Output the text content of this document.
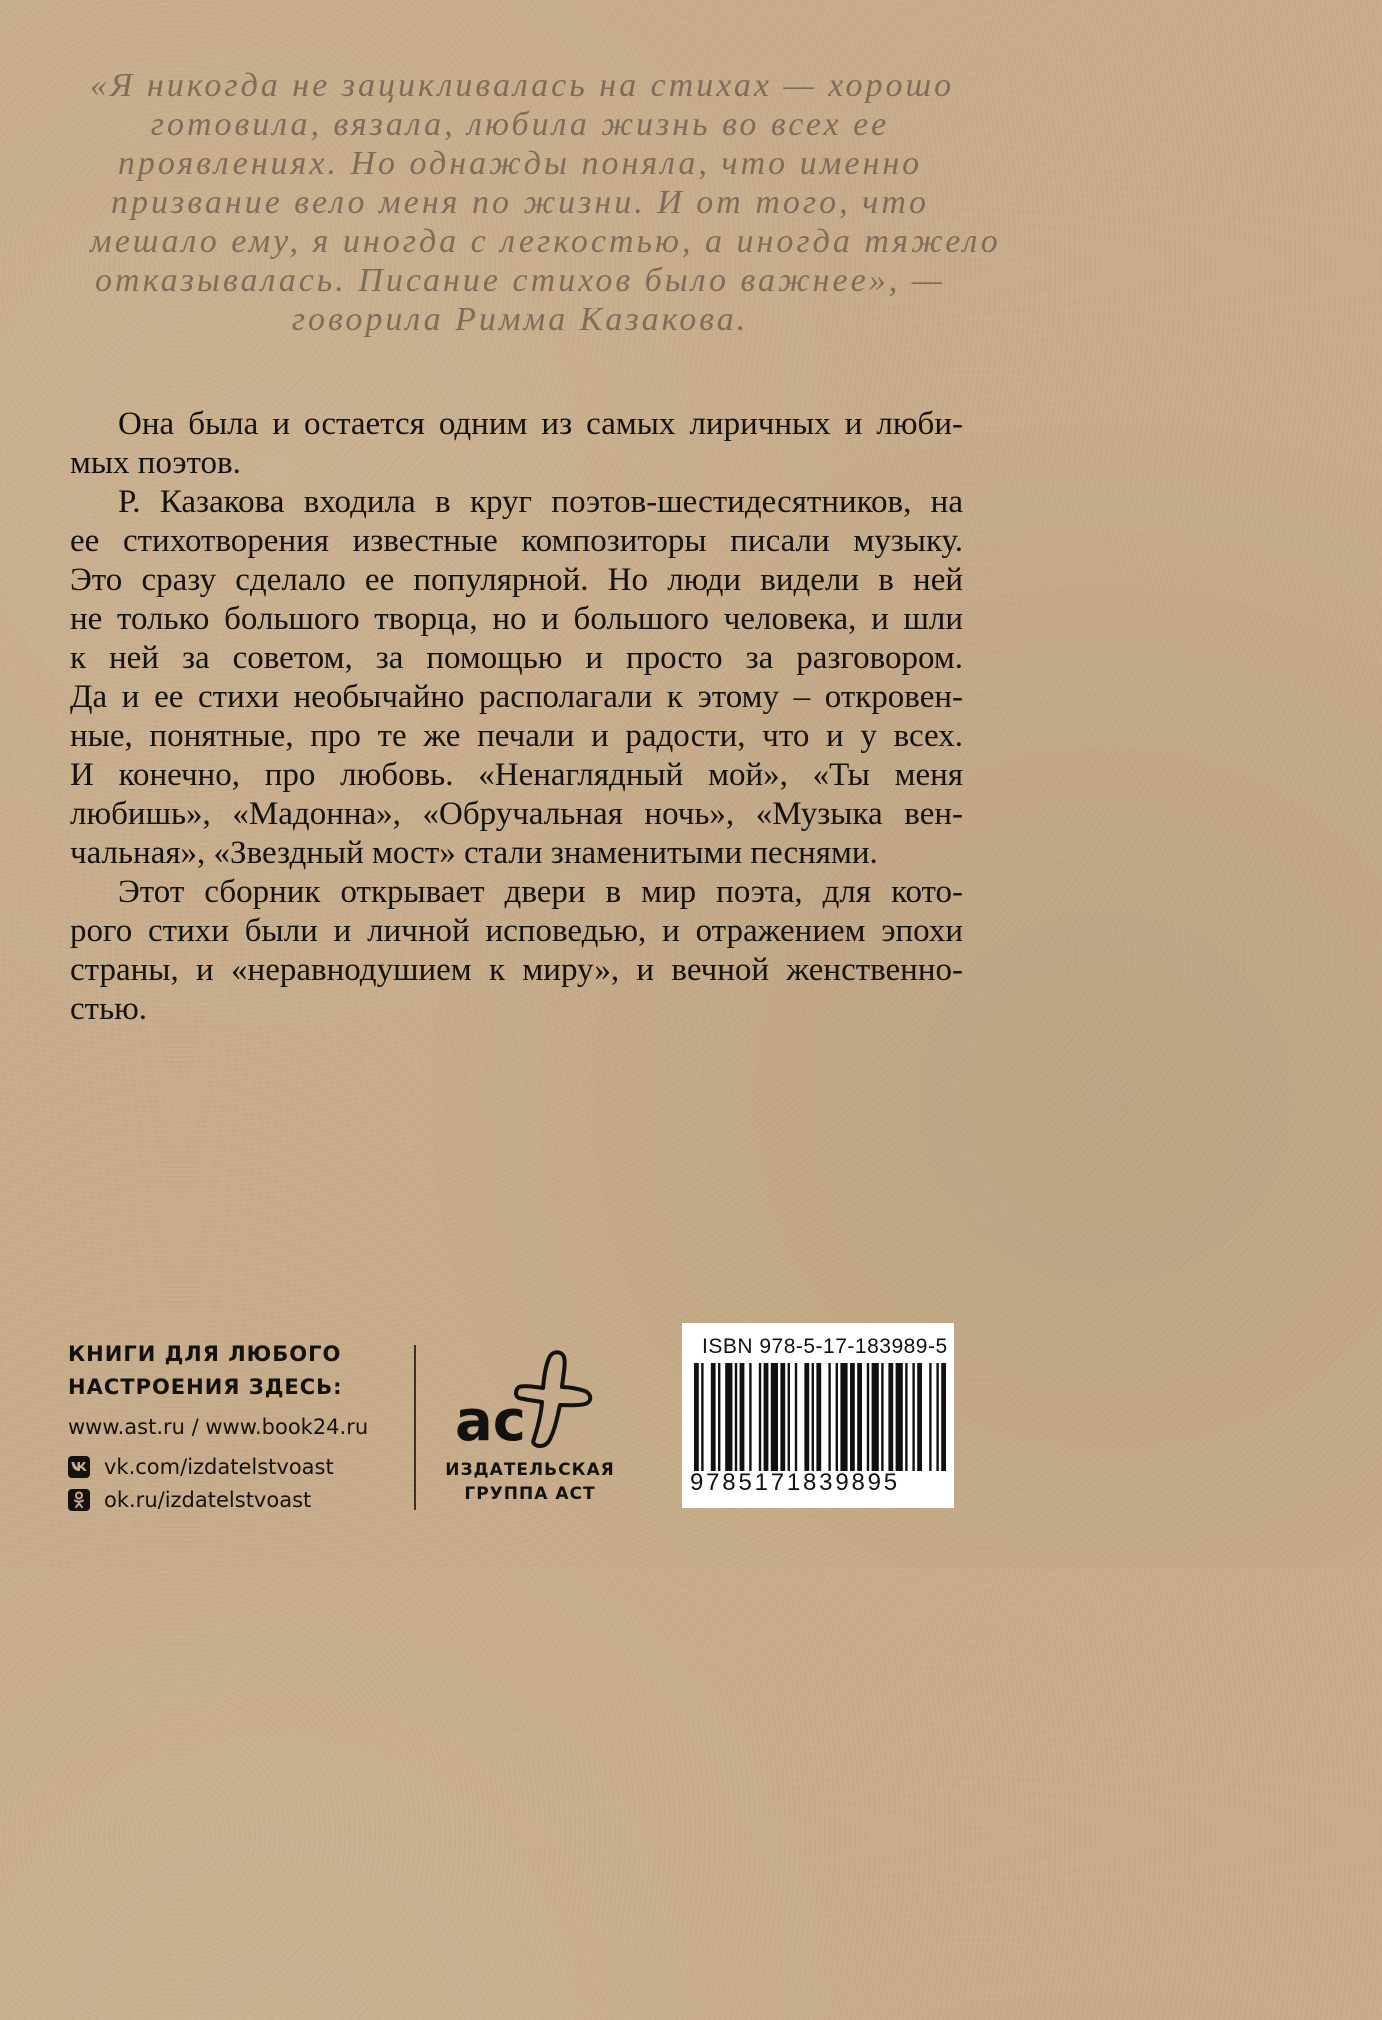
«Я никогда не зацикливалась на стихах — хорошо
готовила, вязала, любила жизнь во всех ее
проявлениях. Но однажды поняла, что именно
призвание вело меня по жизни. И от того, что
мешало ему, я иногда с легкостью, а иногда тяжело
отказывалась. Писание стихов было важнее», —
говорила Римма Казакова.
Она была и остается одним из самых лиричных и люби-
мых поэтов.
Р. Казакова входила в круг поэтов-шестидесятников, на
ее стихотворения известные композиторы писали музыку.
Это сразу сделало ее популярной. Но люди видели в ней
не только большого творца, но и большого человека, и шли
к ней за советом, за помощью и просто за разговором.
Да и ее стихи необычайно располагали к этому – откровен-
ные, понятные, про те же печали и радости, что и у всех.
И конечно, про любовь. «Ненаглядный мой», «Ты меня
любишь», «Мадонна», «Обручальная ночь», «Музыка вен-
чальная», «Звездный мост» стали знаменитыми песнями.
Этот сборник открывает двери в мир поэта, для кото-
рого стихи были и личной исповедью, и отражением эпохи
страны, и «неравнодушием к миру», и вечной женственно-
стью.
КНИГИ ДЛЯ ЛЮБОГО
НАСТРОЕНИЯ ЗДЕСЬ:
www.ast.ru / www.book24.ru
vk.com/izdatelstvoast
ok.ru/izdatelstvoast
ac
ИЗДАТЕЛЬСКАЯ
ГРУППА АСТ
ISBN 978-5-17-183989-5
9785171839895
